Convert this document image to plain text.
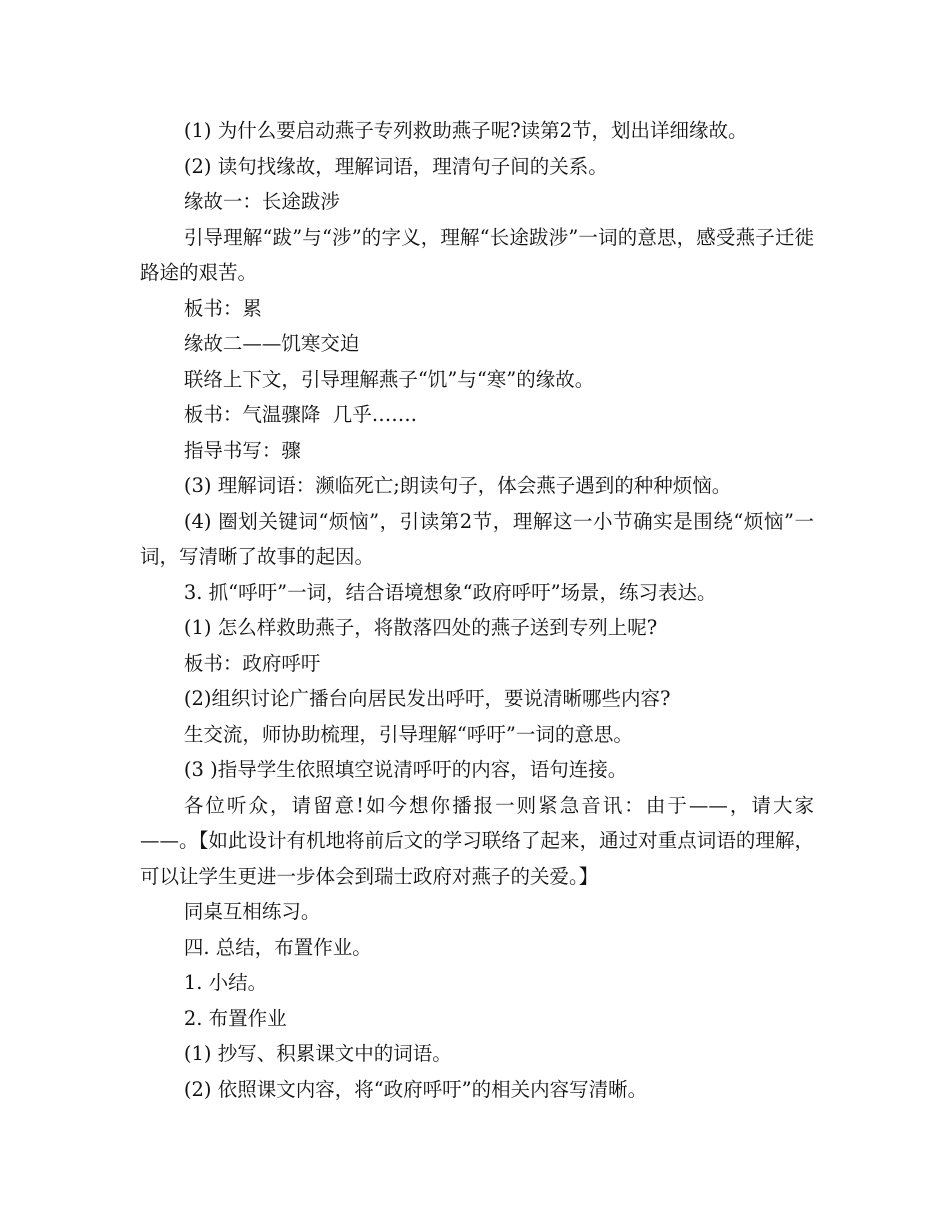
(1) 为什么要启动燕子专列救助燕子呢?读第2节，划出详细缘故。

(2) 读句找缘故，理解词语，理清句子间的关系。

缘故一：长途跋涉

引导理解“跋”与“涉”的字义，理解“长途跋涉”一词的意思，感受燕子迁徙路途的艰苦。

板书：累

缘故二——饥寒交迫

联络上下文，引导理解燕子“饥”与“寒”的缘故。

板书：气温骤降  几乎…….

指导书写：骤

(3) 理解词语：濒临死亡;朗读句子，体会燕子遇到的种种烦恼。

(4) 圈划关键词“烦恼”，引读第2节，理解这一小节确实是围绕“烦恼”一词，写清晰了故事的起因。

3. 抓“呼吁”一词，结合语境想象“政府呼吁”场景，练习表达。

(1) 怎么样救助燕子，将散落四处的燕子送到专列上呢?

板书：政府呼吁

(2)组织讨论广播台向居民发出呼吁，要说清晰哪些内容?

生交流，师协助梳理，引导理解“呼吁”一词的意思。

(3 )指导学生依照填空说清呼吁的内容，语句连接。

各位听众，请留意!如今想你播报一则紧急音讯：由于——，请大家——。【如此设计有机地将前后文的学习联络了起来，通过对重点词语的理解，可以让学生更进一步体会到瑞士政府对燕子的关爱。】

同桌互相练习。

四. 总结，布置作业。

1. 小结。

2. 布置作业

(1) 抄写、积累课文中的词语。

(2) 依照课文内容，将“政府呼吁”的相关内容写清晰。
